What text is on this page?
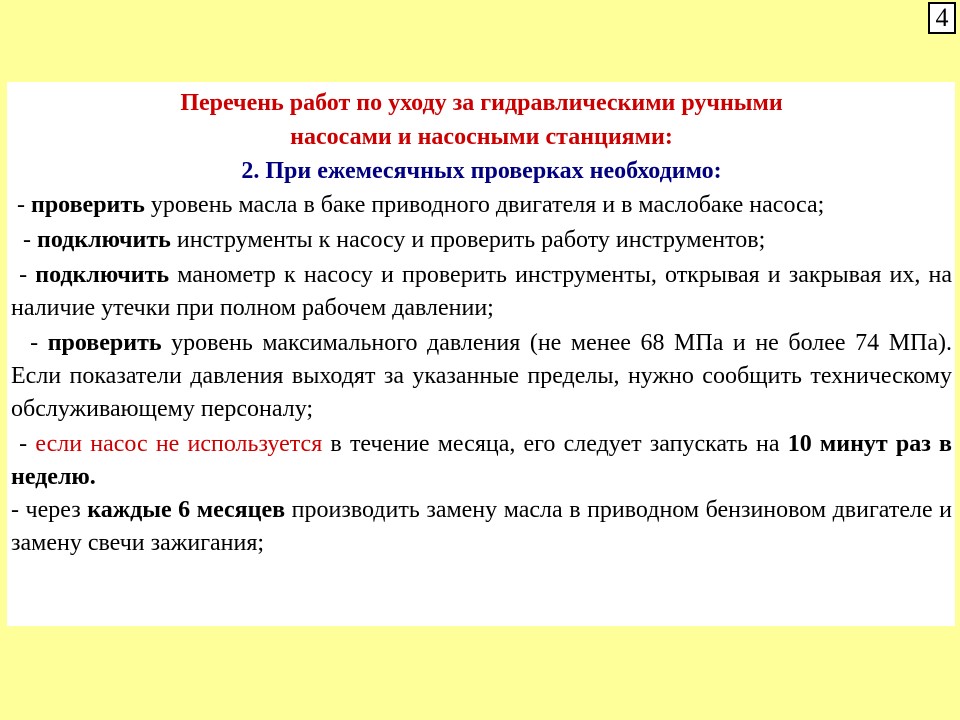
4

Перечень работ по уходу за гидравлическими ручными
насосами и насосными станциями:

2. При ежемесячных проверках необходимо:

- проверить уровень масла в баке приводного двигателя и в маслобаке насоса;

- подключить инструменты к насосу и проверить работу инструментов;

- подключить манометр к насосу и проверить инструменты, открывая и закрывая их, на наличие утечки при полном рабочем давлении;

- проверить уровень максимального давления (не менее 68 МПа и не более 74 МПа). Если показатели давления выходят за указанные пределы, нужно сообщить техническому обслуживающему персоналу;

- если насос не используется в течение месяца, его следует запускать на 10 минут раз в неделю.

- через каждые 6 месяцев производить замену масла в приводном бензиновом двигателе и замену свечи зажигания;
